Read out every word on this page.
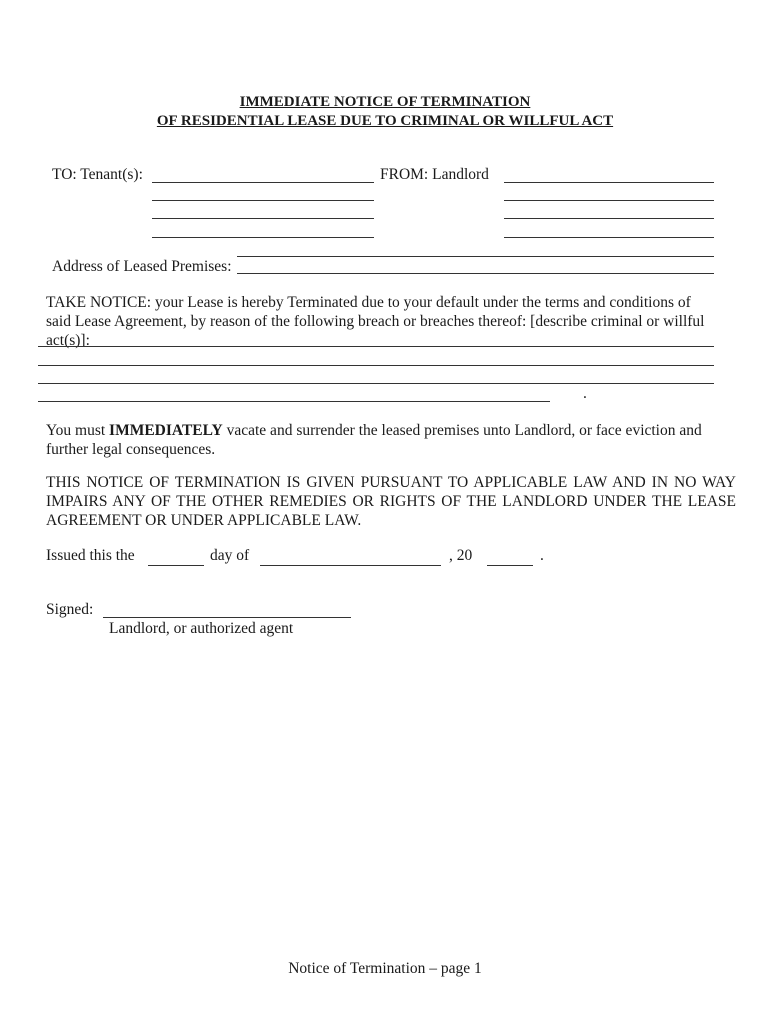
IMMEDIATE NOTICE OF TERMINATION
OF RESIDENTIAL LEASE DUE TO CRIMINAL OR WILLFUL ACT
TO: Tenant(s):	FROM: Landlord
Address of Leased Premises:
TAKE NOTICE: your Lease is hereby Terminated due to your default under the terms and conditions of said Lease Agreement, by reason of the following breach or breaches thereof: [describe criminal or willful act(s)]:
.
You must IMMEDIATELY vacate and surrender the leased premises unto Landlord, or face eviction and further legal consequences.
THIS NOTICE OF TERMINATION IS GIVEN PURSUANT TO APPLICABLE LAW AND IN NO WAY IMPAIRS ANY OF THE OTHER REMEDIES OR RIGHTS OF THE LANDLORD UNDER THE LEASE AGREEMENT OR UNDER APPLICABLE LAW.
Issued this the	day of	, 20	.
Signed:
Landlord, or authorized agent
Notice of Termination – page 1
